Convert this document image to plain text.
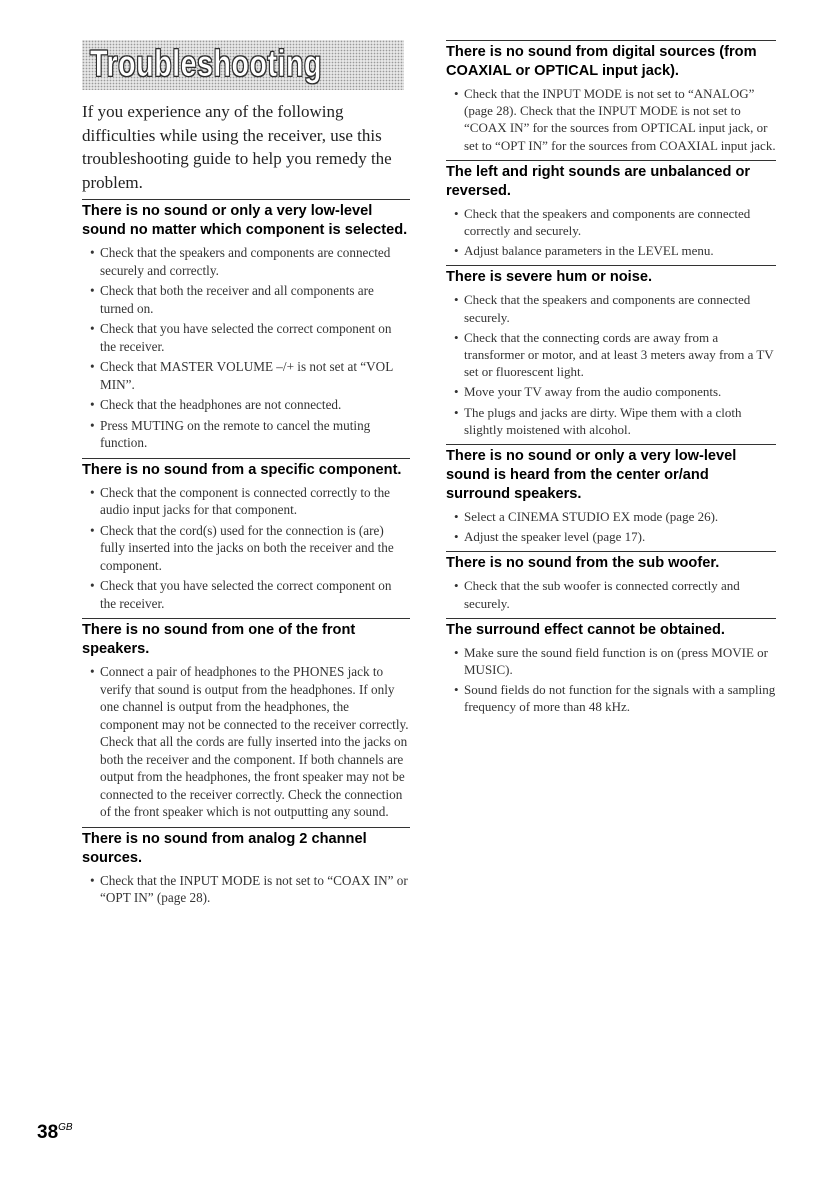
Troubleshooting

If you experience any of the following difficulties while using the receiver, use this troubleshooting guide to help you remedy the problem.

There is no sound or only a very low-level sound no matter which component is selected.
• Check that the speakers and components are connected securely and correctly.
• Check that both the receiver and all components are turned on.
• Check that you have selected the correct component on the receiver.
• Check that MASTER VOLUME –/+ is not set at “VOL MIN”.
• Check that the headphones are not connected.
• Press MUTING on the remote to cancel the muting function.
There is no sound from a specific component.
• Check that the component is connected correctly to the audio input jacks for that component.
• Check that the cord(s) used for the connection is (are) fully inserted into the jacks on both the receiver and the component.
• Check that you have selected the correct component on the receiver.
There is no sound from one of the front speakers.
• Connect a pair of headphones to the PHONES jack to verify that sound is output from the headphones. If only one channel is output from the headphones, the component may not be connected to the receiver correctly. Check that all the cords are fully inserted into the jacks on both the receiver and the component. If both channels are output from the headphones, the front speaker may not be connected to the receiver correctly. Check the connection of the front speaker which is not outputting any sound.
There is no sound from analog 2 channel sources.
• Check that the INPUT MODE is not set to “COAX IN” or “OPT IN” (page 28).
There is no sound from digital sources (from COAXIAL or OPTICAL input jack).
• Check that the INPUT MODE is not set to “ANALOG” (page 28). Check that the INPUT MODE is not set to “COAX IN” for the sources from OPTICAL input jack, or set to “OPT IN” for the sources from COAXIAL input jack.
The left and right sounds are unbalanced or reversed.
• Check that the speakers and components are connected correctly and securely.
• Adjust balance parameters in the LEVEL menu.
There is severe hum or noise.
• Check that the speakers and components are connected securely.
• Check that the connecting cords are away from a transformer or motor, and at least 3 meters away from a TV set or fluorescent light.
• Move your TV away from the audio components.
• The plugs and jacks are dirty. Wipe them with a cloth slightly moistened with alcohol.
There is no sound or only a very low-level sound is heard from the center or/and surround speakers.
• Select a CINEMA STUDIO EX mode (page 26).
• Adjust the speaker level (page 17).
There is no sound from the sub woofer.
• Check that the sub woofer is connected correctly and securely.
The surround effect cannot be obtained.
• Make sure the sound field function is on (press MOVIE or MUSIC).
• Sound fields do not function for the signals with a sampling frequency of more than 48 kHz.
$38^{GB}$
